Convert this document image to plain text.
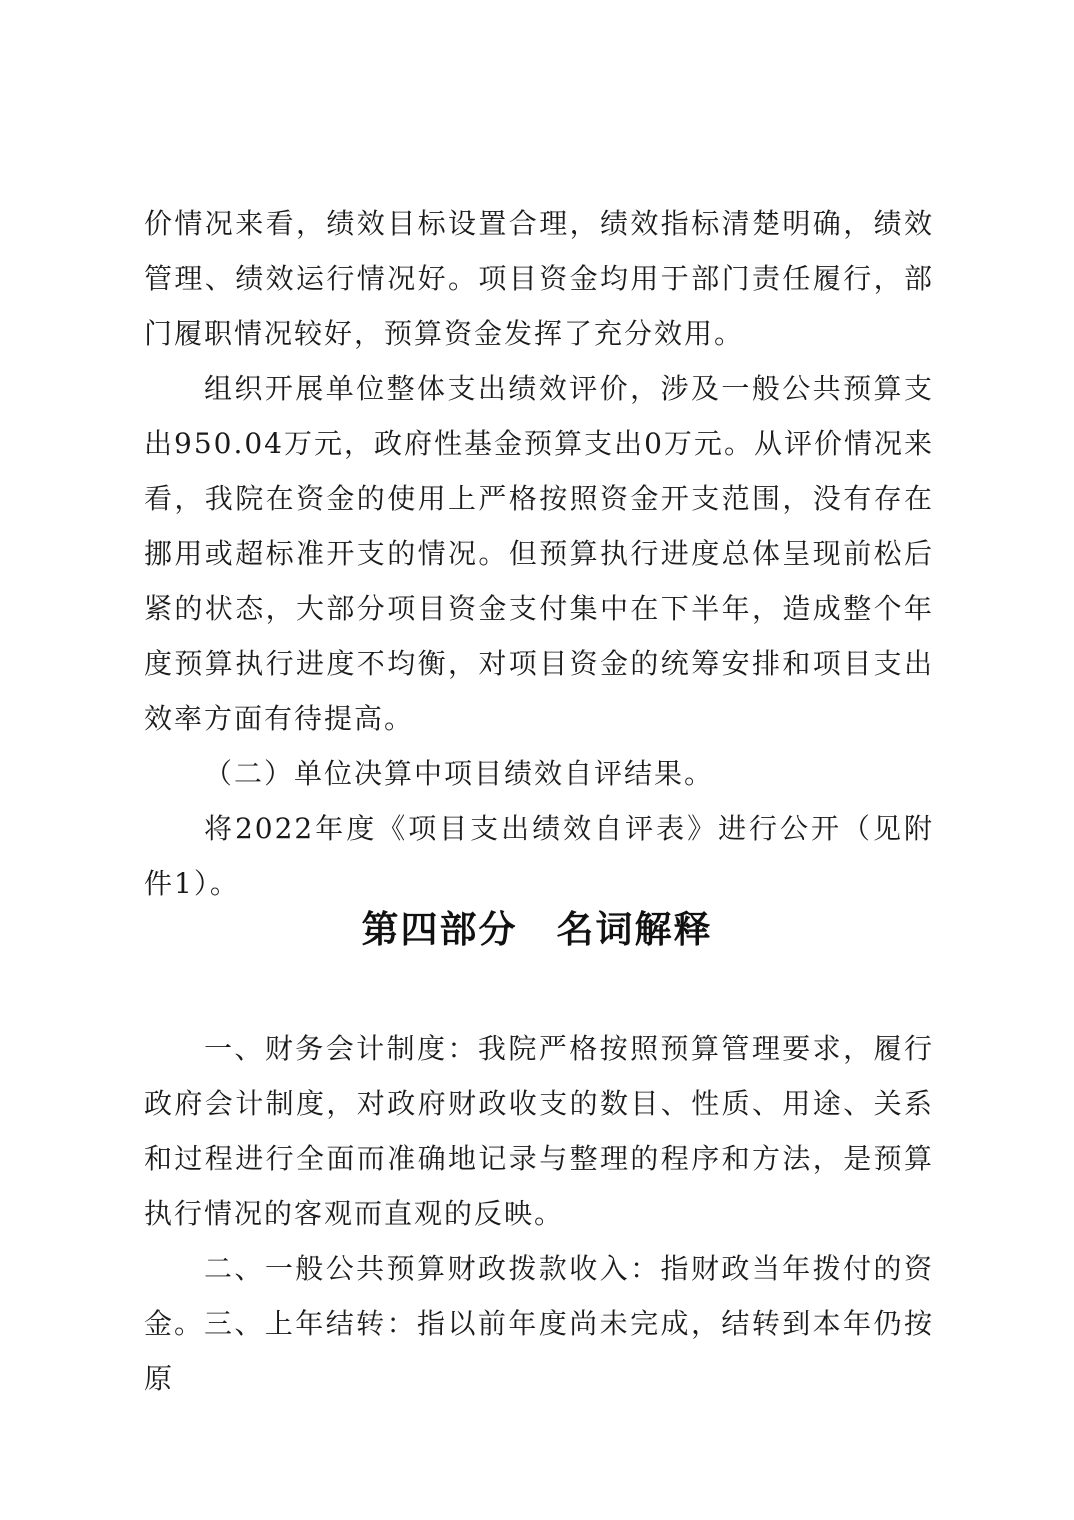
价情况来看，绩效目标设置合理，绩效指标清楚明确，绩效管理、绩效运行情况好。项目资金均用于部门责任履行，部门履职情况较好，预算资金发挥了充分效用。

组织开展单位整体支出绩效评价，涉及一般公共预算支出950.04万元，政府性基金预算支出0万元。从评价情况来看，我院在资金的使用上严格按照资金开支范围，没有存在挪用或超标准开支的情况。但预算执行进度总体呈现前松后紧的状态，大部分项目资金支付集中在下半年，造成整个年度预算执行进度不均衡，对项目资金的统筹安排和项目支出效率方面有待提高。

（二）单位决算中项目绩效自评结果。

将2022年度《项目支出绩效自评表》进行公开（见附件1）。

第四部分　名词解释

一、财务会计制度：我院严格按照预算管理要求，履行政府会计制度，对政府财政收支的数目、性质、用途、关系和过程进行全面而准确地记录与整理的程序和方法，是预算执行情况的客观而直观的反映。

二、一般公共预算财政拨款收入：指财政当年拨付的资金。 三、上年结转：指以前年度尚未完成，结转到本年仍按原
